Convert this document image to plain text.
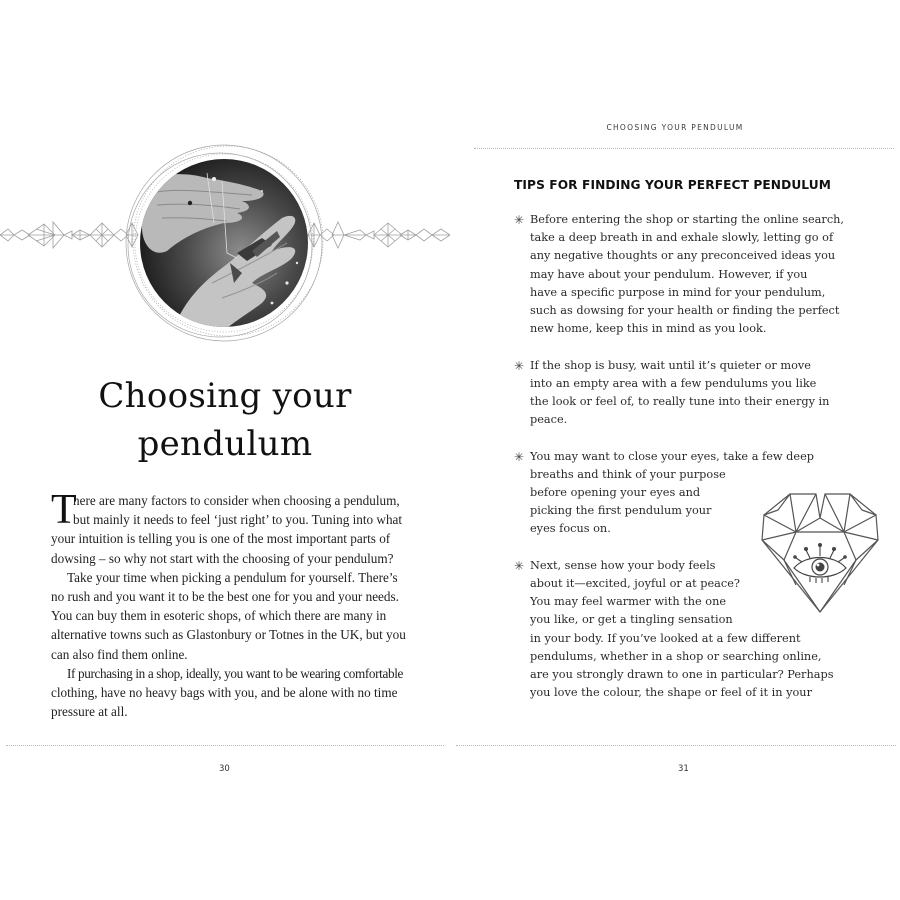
Choosing your
pendulum
T
here are many factors to consider when choosing a pendulum,
but mainly it needs to feel ‘just right’ to you. Tuning into what
your intuition is telling you is one of the most important parts of
dowsing – so why not start with the choosing of your pendulum?
Take your time when picking a pendulum for yourself. There’s
no rush and you want it to be the best one for you and your needs.
You can buy them in esoteric shops, of which there are many in
alternative towns such as Glastonbury or Totnes in the UK, but you
can also find them online.
If purchasing in a shop, ideally, you want to be wearing comfortable
clothing, have no heavy bags with you, and be alone with no time
pressure at all.
30
CHOOSING YOUR PENDULUM
TIPS FOR FINDING YOUR PERFECT PENDULUM
✳ Before entering the shop or starting the online search,
take a deep breath in and exhale slowly, letting go of
any negative thoughts or any preconceived ideas you
may have about your pendulum. However, if you
have a specific purpose in mind for your pendulum,
such as dowsing for your health or finding the perfect
new home, keep this in mind as you look.
✳ If the shop is busy, wait until it’s quieter or move
into an empty area with a few pendulums you like
the look or feel of, to really tune into their energy in
peace.
✳ You may want to close your eyes, take a few deep
breaths and think of your purpose
before opening your eyes and
picking the first pendulum your
eyes focus on.
✳ Next, sense how your body feels
about it—excited, joyful or at peace?
You may feel warmer with the one
you like, or get a tingling sensation
in your body. If you’ve looked at a few different
pendulums, whether in a shop or searching online,
are you strongly drawn to one in particular? Perhaps
you love the colour, the shape or feel of it in your
31
